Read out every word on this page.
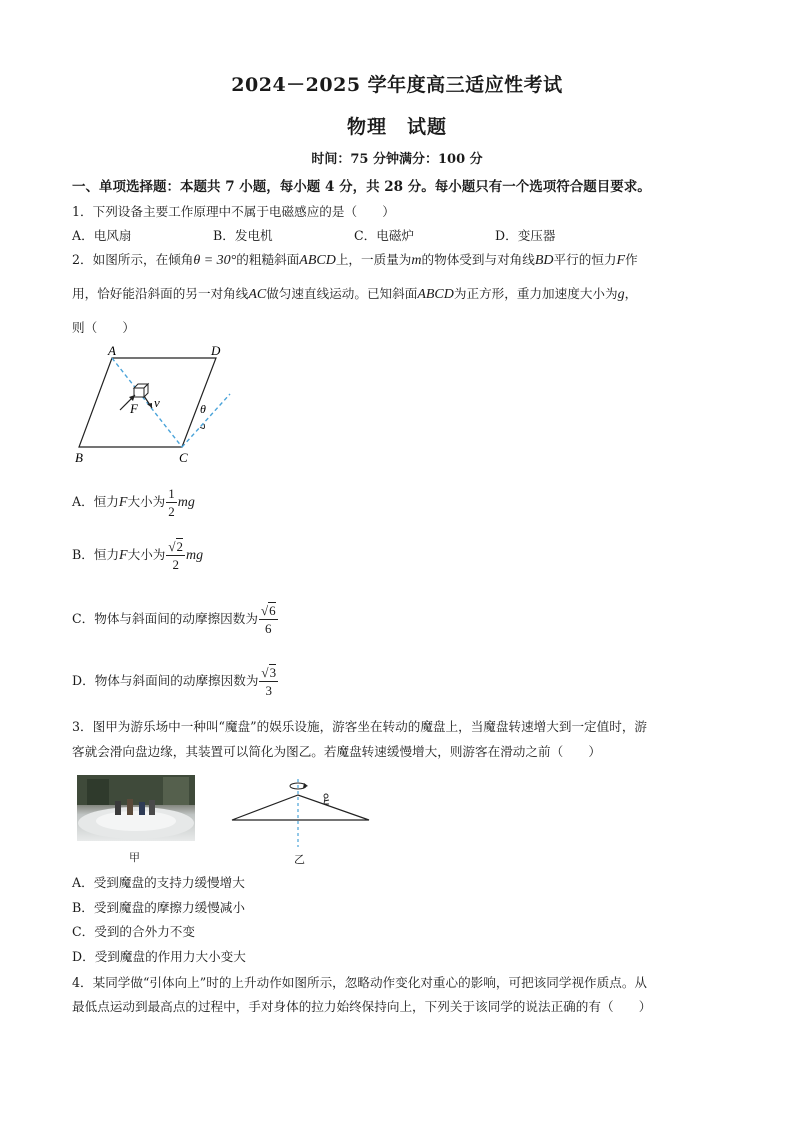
2024－2025 学年度高三适应性考试
物理　试题
时间：75 分钟满分：100 分
一、单项选择题：本题共 7 小题，每小题 4 分，共 28 分。每小题只有一个选项符合题目要求。
1．下列设备主要工作原理中不属于电磁感应的是（　　）
A．电风扇	B．发电机	C．电磁炉	D．变压器
2．如图所示，在倾角θ = 30°的粗糙斜面ABCD上，一质量为m的物体受到与对角线BD平行的恒力F作
用，恰好能沿斜面的另一对角线AC做匀速直线运动。已知斜面ABCD为正方形，重力加速度大小为g，
则（　　）
A	D
B	C
F v	θ
A．恒力F大小为 $\frac{1}{2}$ mg
B．恒力F大小为 $\frac{√2}{2}$ mg
C．物体与斜面间的动摩擦因数为 $\frac{√6}{6}$
D．物体与斜面间的动摩擦因数为 $\frac{√3}{3}$
3．图甲为游乐场中一种叫“魔盘”的娱乐设施，游客坐在转动的魔盘上，当魔盘转速增大到一定值时，游
客就会滑向盘边缘，其装置可以简化为图乙。若魔盘转速缓慢增大，则游客在滑动之前（　　）
甲	乙
A．受到魔盘的支持力缓慢增大
B．受到魔盘的摩擦力缓慢减小
C．受到的合外力不变
D．受到魔盘的作用力大小变大
4．某同学做“引体向上”时的上升动作如图所示，忽略动作变化对重心的影响，可把该同学视作质点。从
最低点运动到最高点的过程中，手对身体的拉力始终保持向上，下列关于该同学的说法正确的有（　　）
